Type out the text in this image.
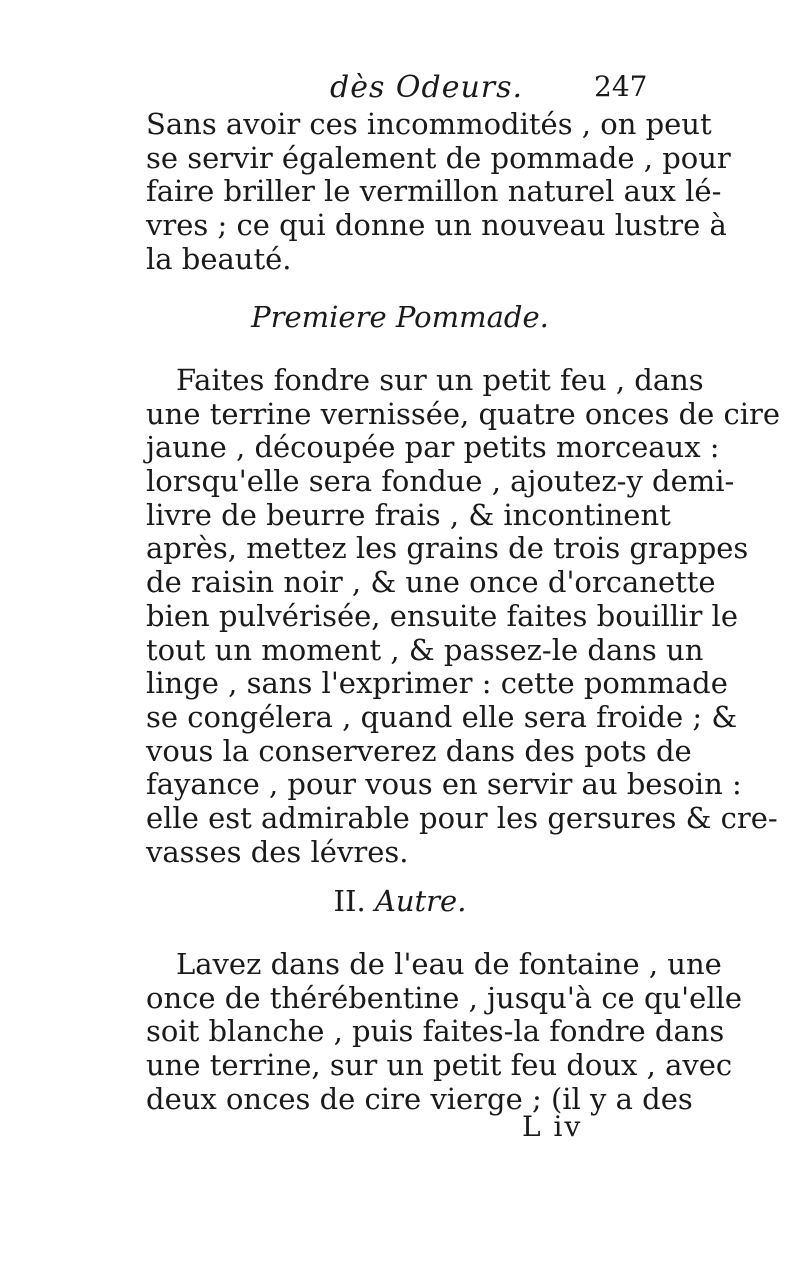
dès Odeurs.	247
Sans avoir ces incommodités , on peut
se servir également de pommade , pour
faire briller le vermillon naturel aux lé-
vres ; ce qui donne un nouveau lustre à
la beauté.
Premiere Pommade.
Faites fondre sur un petit feu , dans
une terrine vernissée, quatre onces de cire
jaune , découpée par petits morceaux :
lorsqu'elle sera fondue , ajoutez-y demi-
livre de beurre frais , & incontinent
après, mettez les grains de trois grappes
de raisin noir , & une once d'orcanette
bien pulvérisée, ensuite faites bouillir le
tout un moment , & passez-le dans un
linge , sans l'exprimer : cette pommade
se congélera , quand elle sera froide ; &
vous la conserverez dans des pots de
fayance , pour vous en servir au besoin :
elle est admirable pour les gersures & cre-
vasses des lévres.
II. Autre.
Lavez dans de l'eau de fontaine , une
once de thérébentine , jusqu'à ce qu'elle
soit blanche , puis faites-la fondre dans
une terrine, sur un petit feu doux , avec
deux onces de cire vierge ; (il y a des
L iv
